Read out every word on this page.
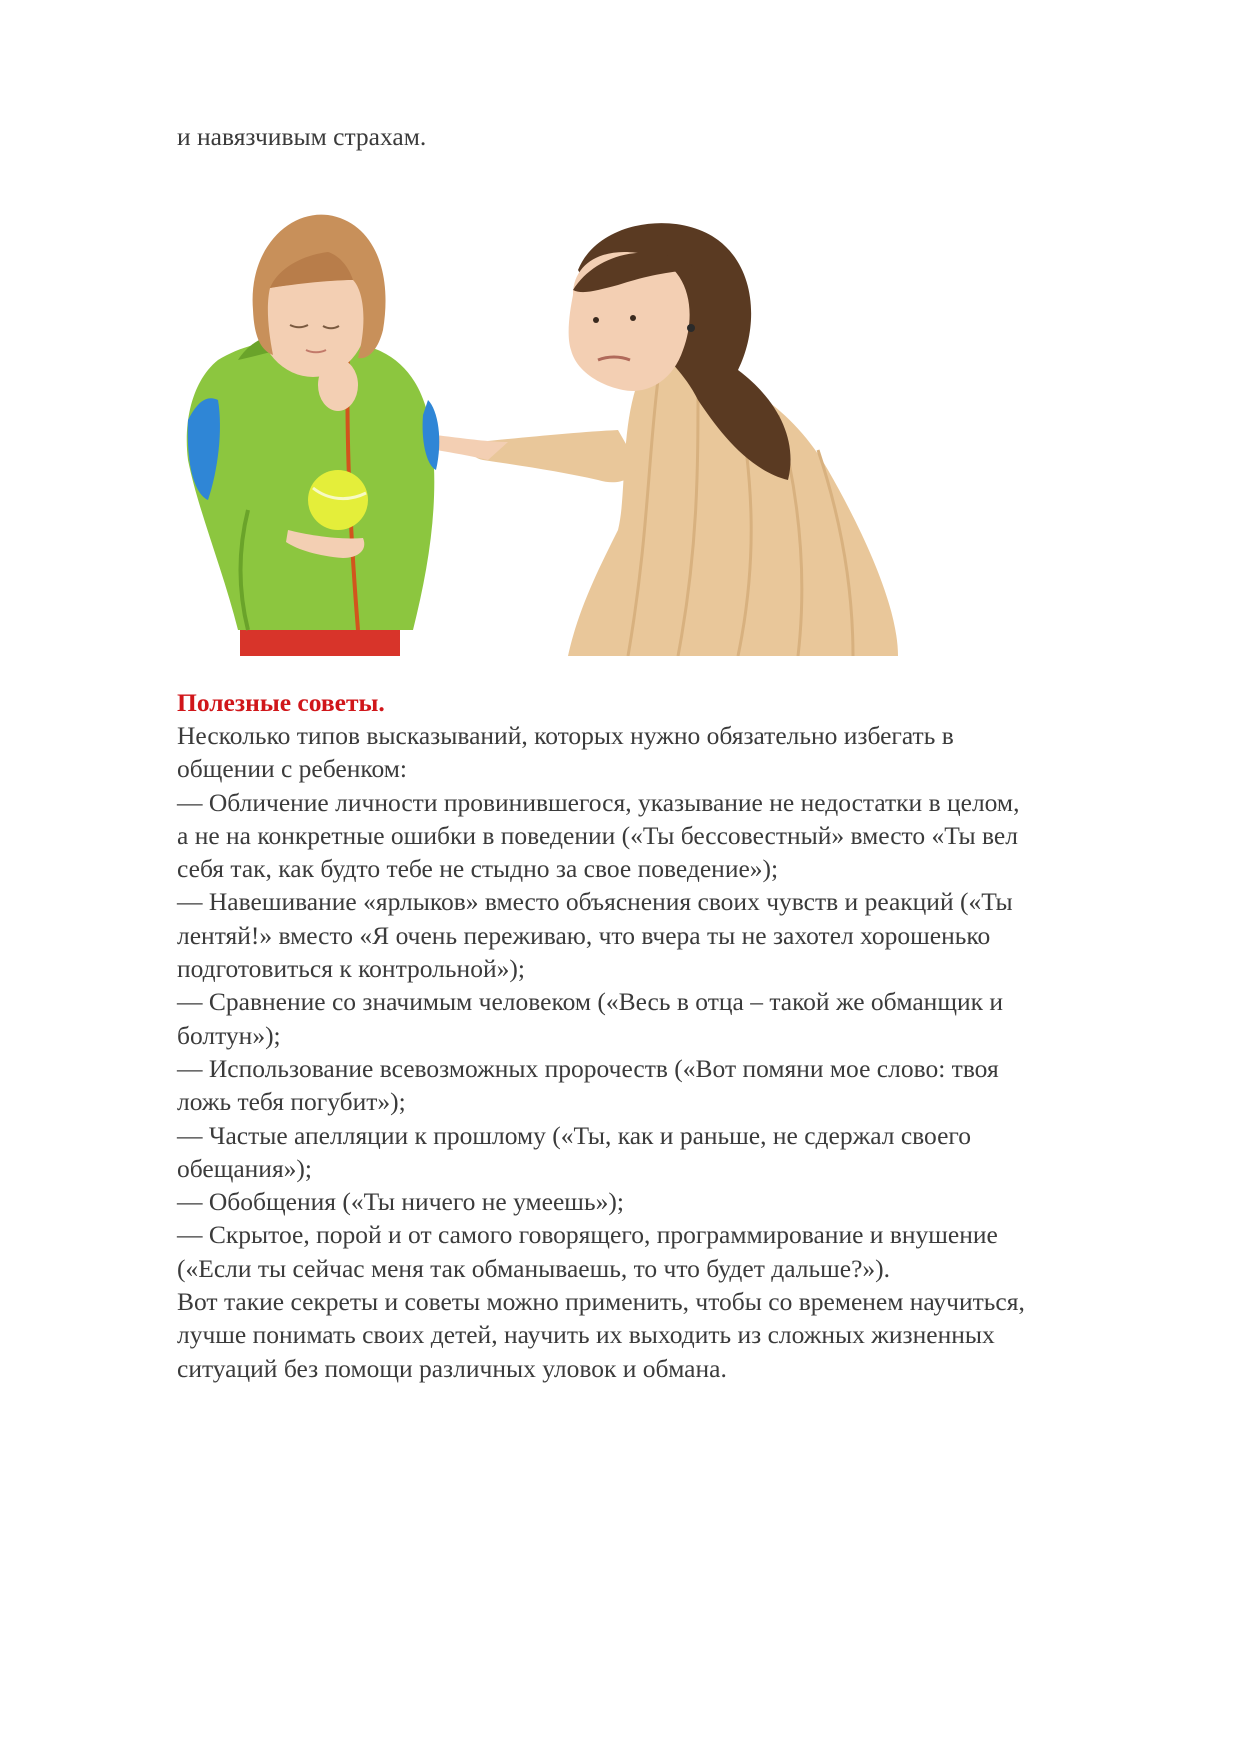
и навязчивым страхам.
Полезные советы.
Несколько типов высказываний, которых нужно обязательно избегать в
общении с ребенком:
— Обличение личности провинившегося, указывание не недостатки в целом,
а не на конкретные ошибки в поведении («Ты бессовестный» вместо «Ты вел
себя так, как будто тебе не стыдно за свое поведение»);
— Навешивание «ярлыков» вместо объяснения своих чувств и реакций («Ты
лентяй!» вместо «Я очень переживаю, что вчера ты не захотел хорошенько
подготовиться к контрольной»);
— Сравнение со значимым человеком («Весь в отца – такой же обманщик и
болтун»);
— Использование всевозможных пророчеств («Вот помяни мое слово: твоя
ложь тебя погубит»);
— Частые апелляции к прошлому («Ты, как и раньше, не сдержал своего
обещания»);
— Обобщения («Ты ничего не умеешь»);
— Скрытое, порой и от самого говорящего, программирование и внушение
(«Если ты сейчас меня так обманываешь, то что будет дальше?»).
Вот такие секреты и советы можно применить, чтобы со временем научиться,
лучше понимать своих детей, научить их выходить из сложных жизненных
ситуаций без помощи различных уловок и обмана.
